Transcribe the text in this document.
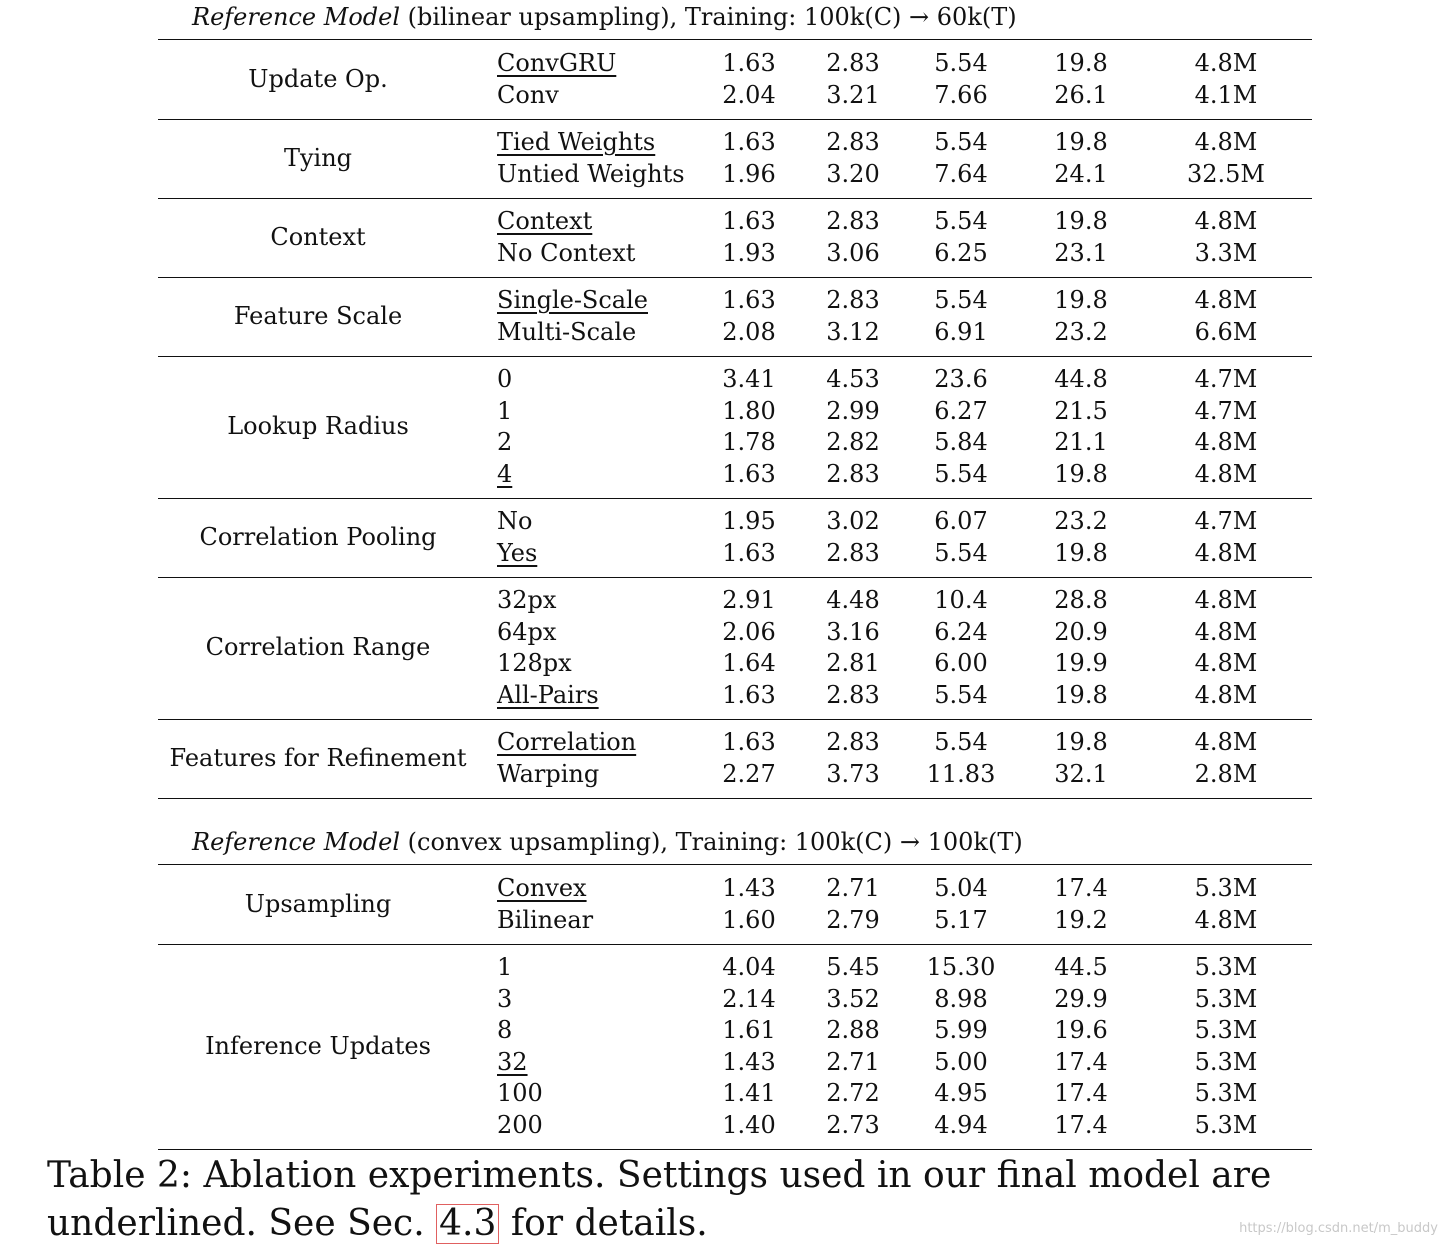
Reference Model (bilinear upsampling), Training: 100k(C) → 60k(T)
Update Op.
ConvGRU	1.63	2.83	5.54	19.8	4.8M
Conv	2.04	3.21	7.66	26.1	4.1M
Tying
Tied Weights	1.63	2.83	5.54	19.8	4.8M
Untied Weights	1.96	3.20	7.64	24.1	32.5M
Context
Context	1.63	2.83	5.54	19.8	4.8M
No Context	1.93	3.06	6.25	23.1	3.3M
Feature Scale
Single-Scale	1.63	2.83	5.54	19.8	4.8M
Multi-Scale	2.08	3.12	6.91	23.2	6.6M
Lookup Radius
0	3.41	4.53	23.6	44.8	4.7M
1	1.80	2.99	6.27	21.5	4.7M
2	1.78	2.82	5.84	21.1	4.8M
4	1.63	2.83	5.54	19.8	4.8M
Correlation Pooling
No	1.95	3.02	6.07	23.2	4.7M
Yes	1.63	2.83	5.54	19.8	4.8M
Correlation Range
32px	2.91	4.48	10.4	28.8	4.8M
64px	2.06	3.16	6.24	20.9	4.8M
128px	1.64	2.81	6.00	19.9	4.8M
All-Pairs	1.63	2.83	5.54	19.8	4.8M
Features for Refinement
Correlation	1.63	2.83	5.54	19.8	4.8M
Warping	2.27	3.73	11.83	32.1	2.8M
Reference Model (convex upsampling), Training: 100k(C) → 100k(T)
Upsampling
Convex	1.43	2.71	5.04	17.4	5.3M
Bilinear	1.60	2.79	5.17	19.2	4.8M
Inference Updates
1	4.04	5.45	15.30	44.5	5.3M
3	2.14	3.52	8.98	29.9	5.3M
8	1.61	2.88	5.99	19.6	5.3M
32	1.43	2.71	5.00	17.4	5.3M
100	1.41	2.72	4.95	17.4	5.3M
200	1.40	2.73	4.94	17.4	5.3M
Table 2: Ablation experiments. Settings used in our final model are underlined. See Sec. 4.3 for details.	https://blog.csdn.net/m_buddy
